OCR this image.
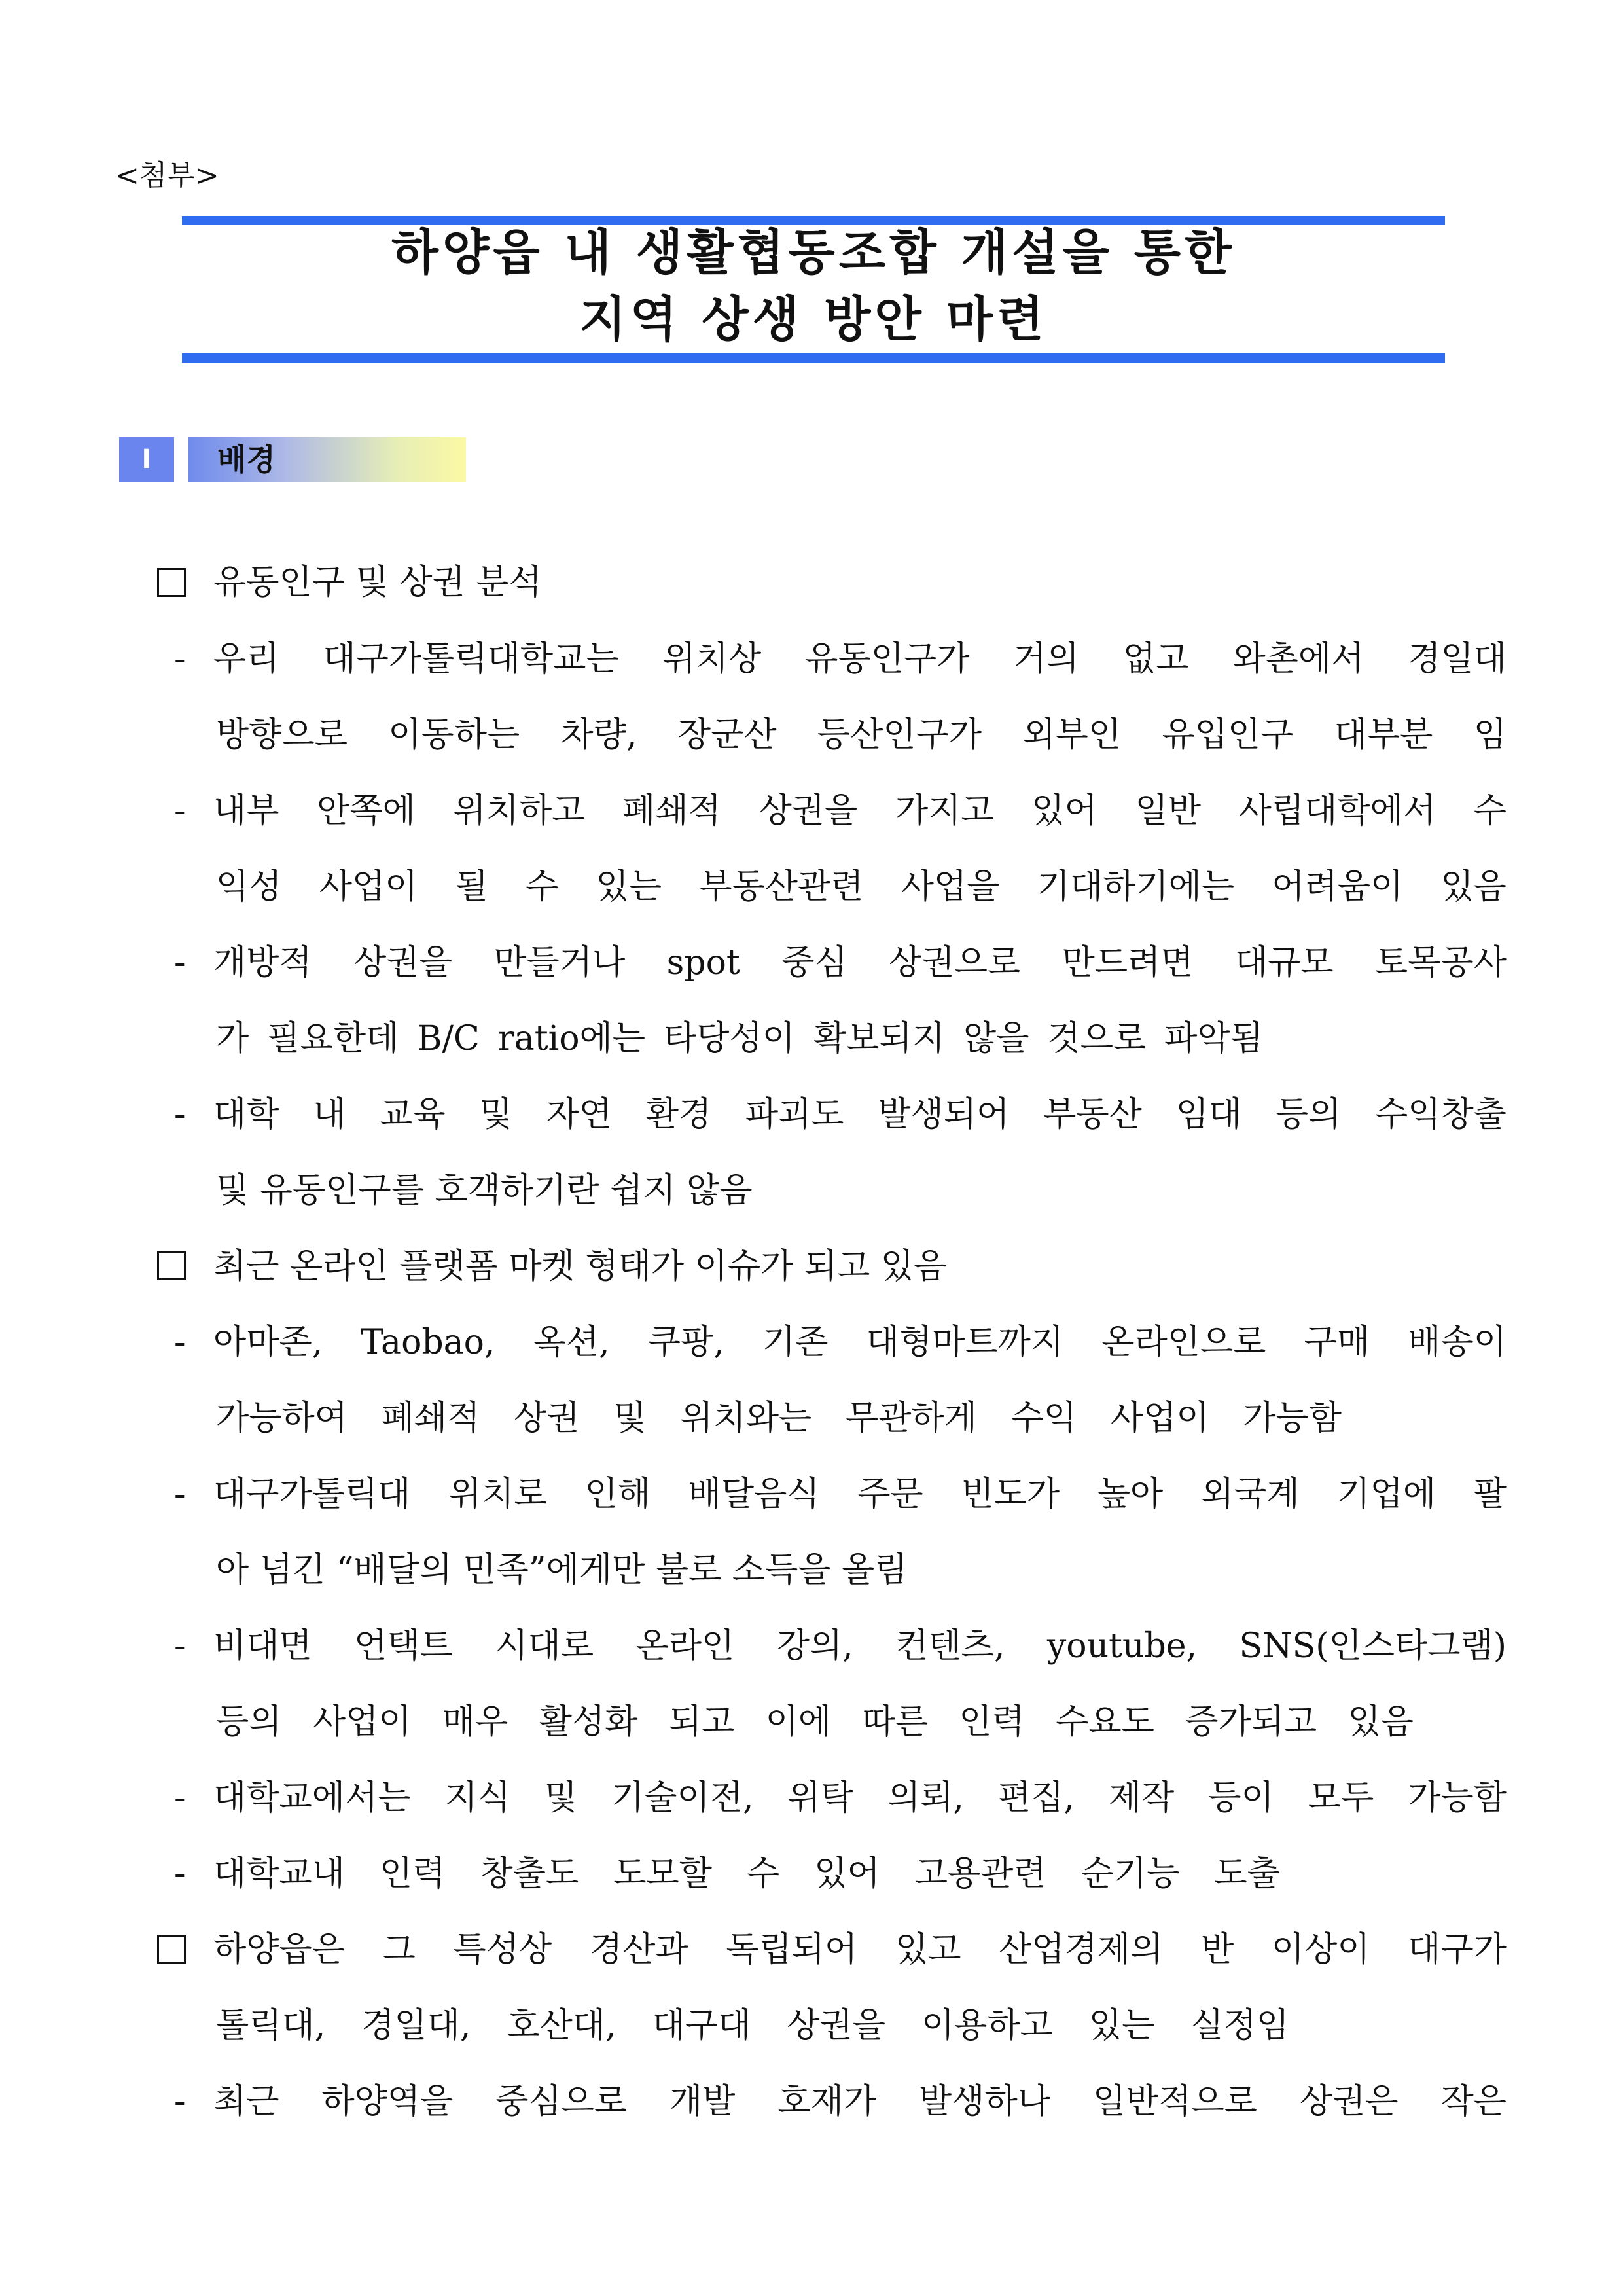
<첨부>
하양읍 내 생활협동조합 개설을 통한
지역 상생 방안 마련
Ⅰ	배경
유동인구 및 상권 분석
- 우리 대구가톨릭대학교는 위치상 유동인구가 거의 없고 와촌에서 경일대
방향으로 이동하는 차량, 장군산 등산인구가 외부인 유입인구 대부분 임
- 내부 안쪽에 위치하고 폐쇄적 상권을 가지고 있어 일반 사립대학에서 수
익성 사업이 될 수 있는 부동산관련 사업을 기대하기에는 어려움이 있음
- 개방적 상권을 만들거나 spot 중심 상권으로 만드려면 대규모 토목공사
가 필요한데 B/C ratio에는 타당성이 확보되지 않을 것으로 파악됨
- 대학 내 교육 및 자연 환경 파괴도 발생되어 부동산 임대 등의 수익창출
및 유동인구를 호객하기란 쉽지 않음
최근 온라인 플랫폼 마켓 형태가 이슈가 되고 있음
- 아마존, Taobao, 옥션, 쿠팡, 기존 대형마트까지 온라인으로 구매 배송이
가능하여 폐쇄적 상권 및 위치와는 무관하게 수익 사업이 가능함
- 대구가톨릭대 위치로 인해 배달음식 주문 빈도가 높아 외국계 기업에 팔
아 넘긴 “배달의 민족”에게만 불로 소득을 올림
- 비대면 언택트 시대로 온라인 강의, 컨텐츠, youtube, SNS(인스타그램)
등의 사업이 매우 활성화 되고 이에 따른 인력 수요도 증가되고 있음
- 대학교에서는 지식 및 기술이전, 위탁 의뢰, 편집, 제작 등이 모두 가능함
- 대학교내 인력 창출도 도모할 수 있어 고용관련 순기능 도출
하양읍은 그 특성상 경산과 독립되어 있고 산업경제의 반 이상이 대구가
톨릭대, 경일대, 호산대, 대구대 상권을 이용하고 있는 실정임
- 최근 하양역을 중심으로 개발 호재가 발생하나 일반적으로 상권은 작은
